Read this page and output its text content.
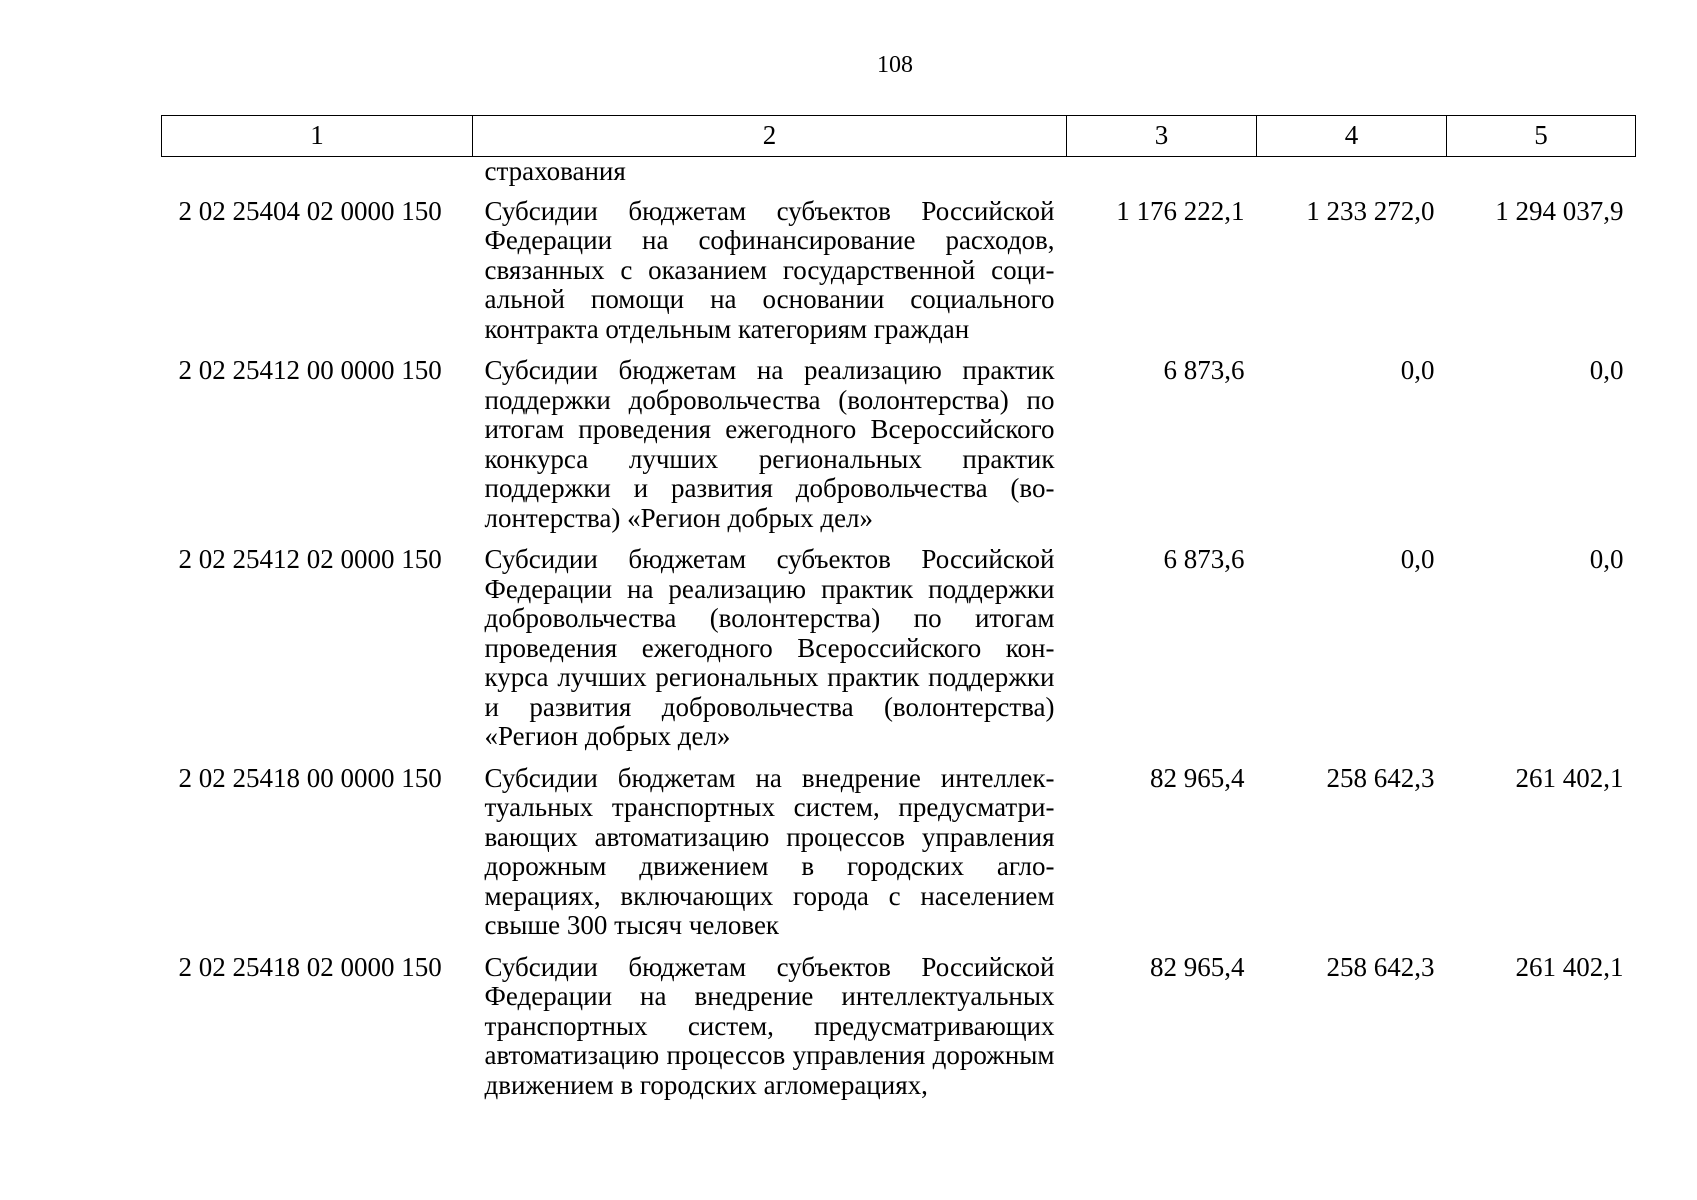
108
1	2	3	4	5
	страхования			
2 02 25404 02 0000 150	Субсидии бюджетам субъектов Российской Федерации на софинансирование расходов, связанных с оказанием государственной социальной помощи на основании социального контракта отдельным категориям граждан	1 176 222,1	1 233 272,0	1 294 037,9
2 02 25412 00 0000 150	Субсидии бюджетам на реализацию практик поддержки добровольчества (волонтерства) по итогам проведения ежегодного Всероссийского конкурса лучших региональных практик поддержки и развития добровольчества (волонтерства) «Регион добрых дел»	6 873,6	0,0	0,0
2 02 25412 02 0000 150	Субсидии бюджетам субъектов Российской Федерации на реализацию практик поддержки добровольчества (волонтерства) по итогам проведения ежегодного Всероссийского конкурса лучших региональных практик поддержки и развития добровольчества (волонтерства) «Регион добрых дел»	6 873,6	0,0	0,0
2 02 25418 00 0000 150	Субсидии бюджетам на внедрение интеллектуальных транспортных систем, предусматривающих автоматизацию процессов управления дорожным движением в городских агломерациях, включающих города с населением свыше 300 тысяч человек	82 965,4	258 642,3	261 402,1
2 02 25418 02 0000 150	Субсидии бюджетам субъектов Российской Федерации на внедрение интеллектуальных транспортных систем, предусматривающих автоматизацию процессов управления дорожным движением в городских агломерациях,	82 965,4	258 642,3	261 402,1
